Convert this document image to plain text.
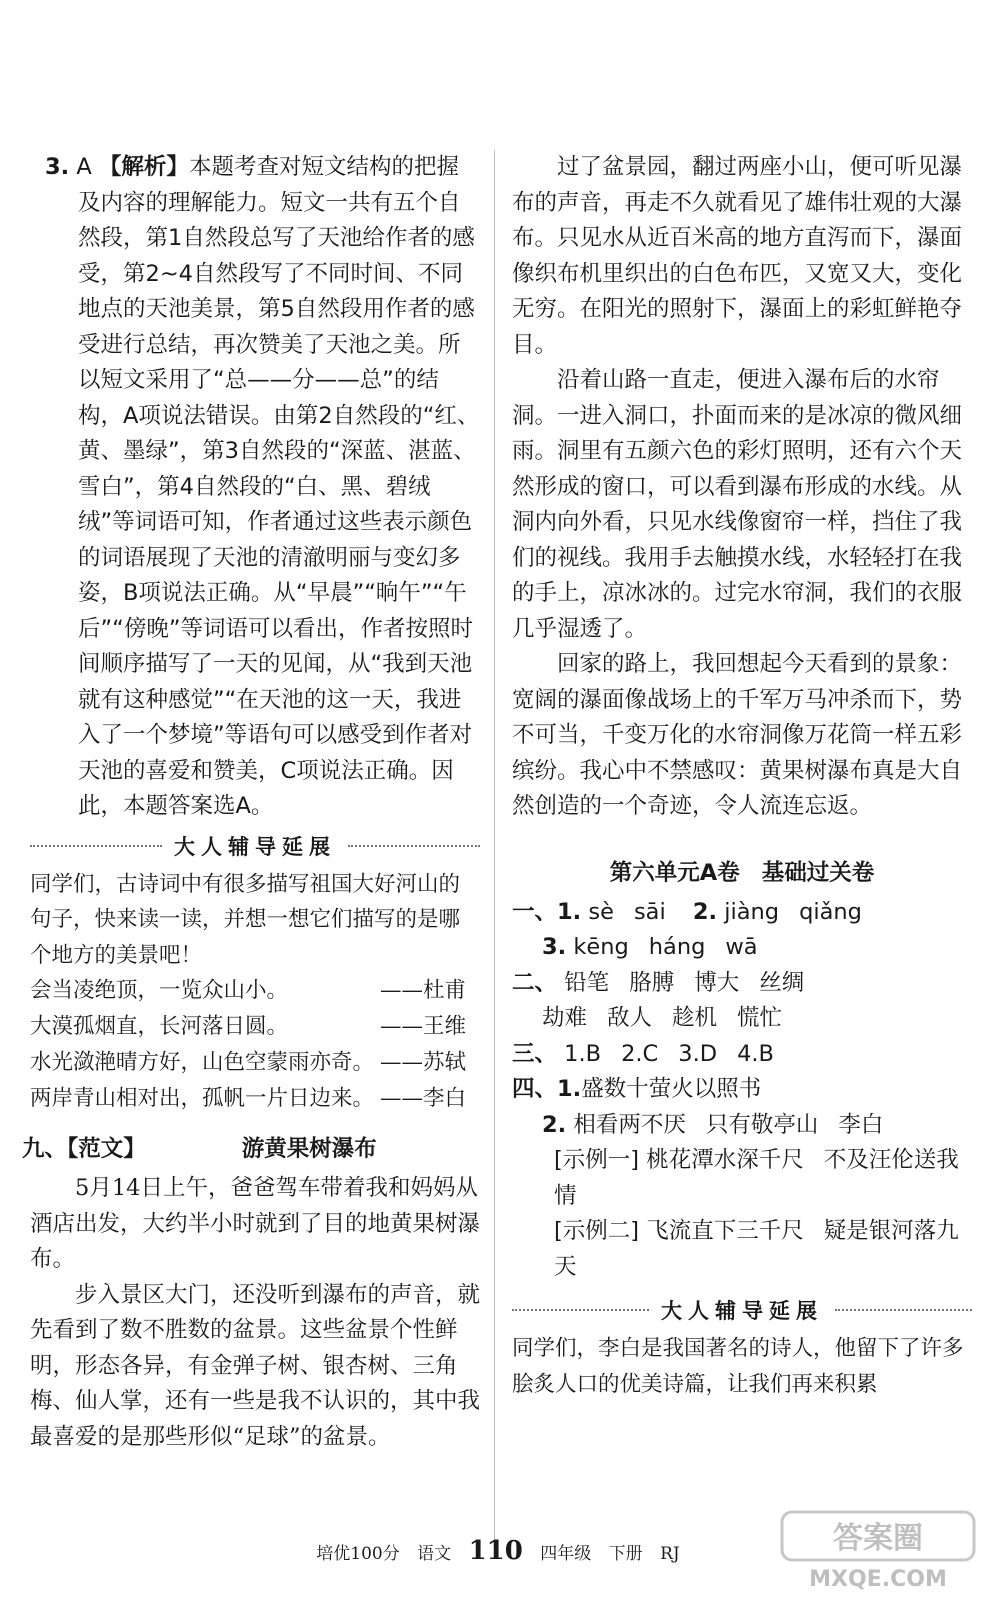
3. A 【解析】本题考查对短文结构的把握及内容的理解能力。短文一共有五个自然段，第1自然段总写了天池给作者的感受，第2~4自然段写了不同时间、不同地点的天池美景，第5自然段用作者的感受进行总结，再次赞美了天池之美。所以短文采用了“总——分——总”的结构，A项说法错误。由第2自然段的“红、黄、墨绿”，第3自然段的“深蓝、湛蓝、雪白”，第4自然段的“白、黑、碧绒绒”等词语可知，作者通过这些表示颜色的词语展现了天池的清澈明丽与变幻多姿，B项说法正确。从“早晨”“晌午”“午后”“傍晚”等词语可以看出，作者按照时间顺序描写了一天的见闻，从“我到天池就有这种感觉”“在天池的这一天，我进入了一个梦境”等语句可以感受到作者对天池的喜爱和赞美，C项说法正确。因此，本题答案选A。

大人辅导延展

同学们，古诗词中有很多描写祖国大好河山的句子，快来读一读，并想一想它们描写的是哪个地方的美景吧！

会当凌绝顶，一览众山小。	——杜甫
大漠孤烟直，长河落日圆。	——王维
水光潋滟晴方好，山色空蒙雨亦奇。 ——苏轼
两岸青山相对出，孤帆一片日边来。 ——李白
九、【范文】	游黄果树瀑布

5月14日上午，爸爸驾车带着我和妈妈从酒店出发，大约半小时就到了目的地黄果树瀑布。

步入景区大门，还没听到瀑布的声音，就先看到了数不胜数的盆景。这些盆景个性鲜明，形态各异，有金弹子树、银杏树、三角梅、仙人掌，还有一些是我不认识的，其中我最喜爱的是那些形似“足球”的盆景。

过了盆景园，翻过两座小山，便可听见瀑布的声音，再走不久就看见了雄伟壮观的大瀑布。只见水从近百米高的地方直泻而下，瀑面像织布机里织出的白色布匹，又宽又大，变化无穷。在阳光的照射下，瀑面上的彩虹鲜艳夺目。

沿着山路一直走，便进入瀑布后的水帘洞。一进入洞口，扑面而来的是冰凉的微风细雨。洞里有五颜六色的彩灯照明，还有六个天然形成的窗口，可以看到瀑布形成的水线。从洞内向外看，只见水线像窗帘一样，挡住了我们的视线。我用手去触摸水线，水轻轻打在我的手上，凉冰冰的。过完水帘洞，我们的衣服几乎湿透了。

回家的路上，我回想起今天看到的景象：宽阔的瀑面像战场上的千军万马冲杀而下，势不可当，千变万化的水帘洞像万花筒一样五彩缤纷。我心中不禁感叹：黄果树瀑布真是大自然创造的一个奇迹，令人流连忘返。

第六单元A卷 基础过关卷
一、1. sè sāi 2. jiàng qiǎng
3. kēng háng wā
二、 铅笔 胳膊 博大 丝绸
劫难 敌人 趁机 慌忙
三、 1.B 2.C 3.D 4.B
四、1.盛数十萤火以照书
2. 相看两不厌 只有敬亭山 李白
[示例一] 桃花潭水深千尺 不及汪伦送我情
[示例二] 飞流直下三千尺 疑是银河落九天
大人辅导延展

同学们，李白是我国著名的诗人，他留下了许多脍炙人口的优美诗篇，让我们再来积累

培优100分 语文 110 四年级 下册 RJ	答案圈
MXQE.COM
